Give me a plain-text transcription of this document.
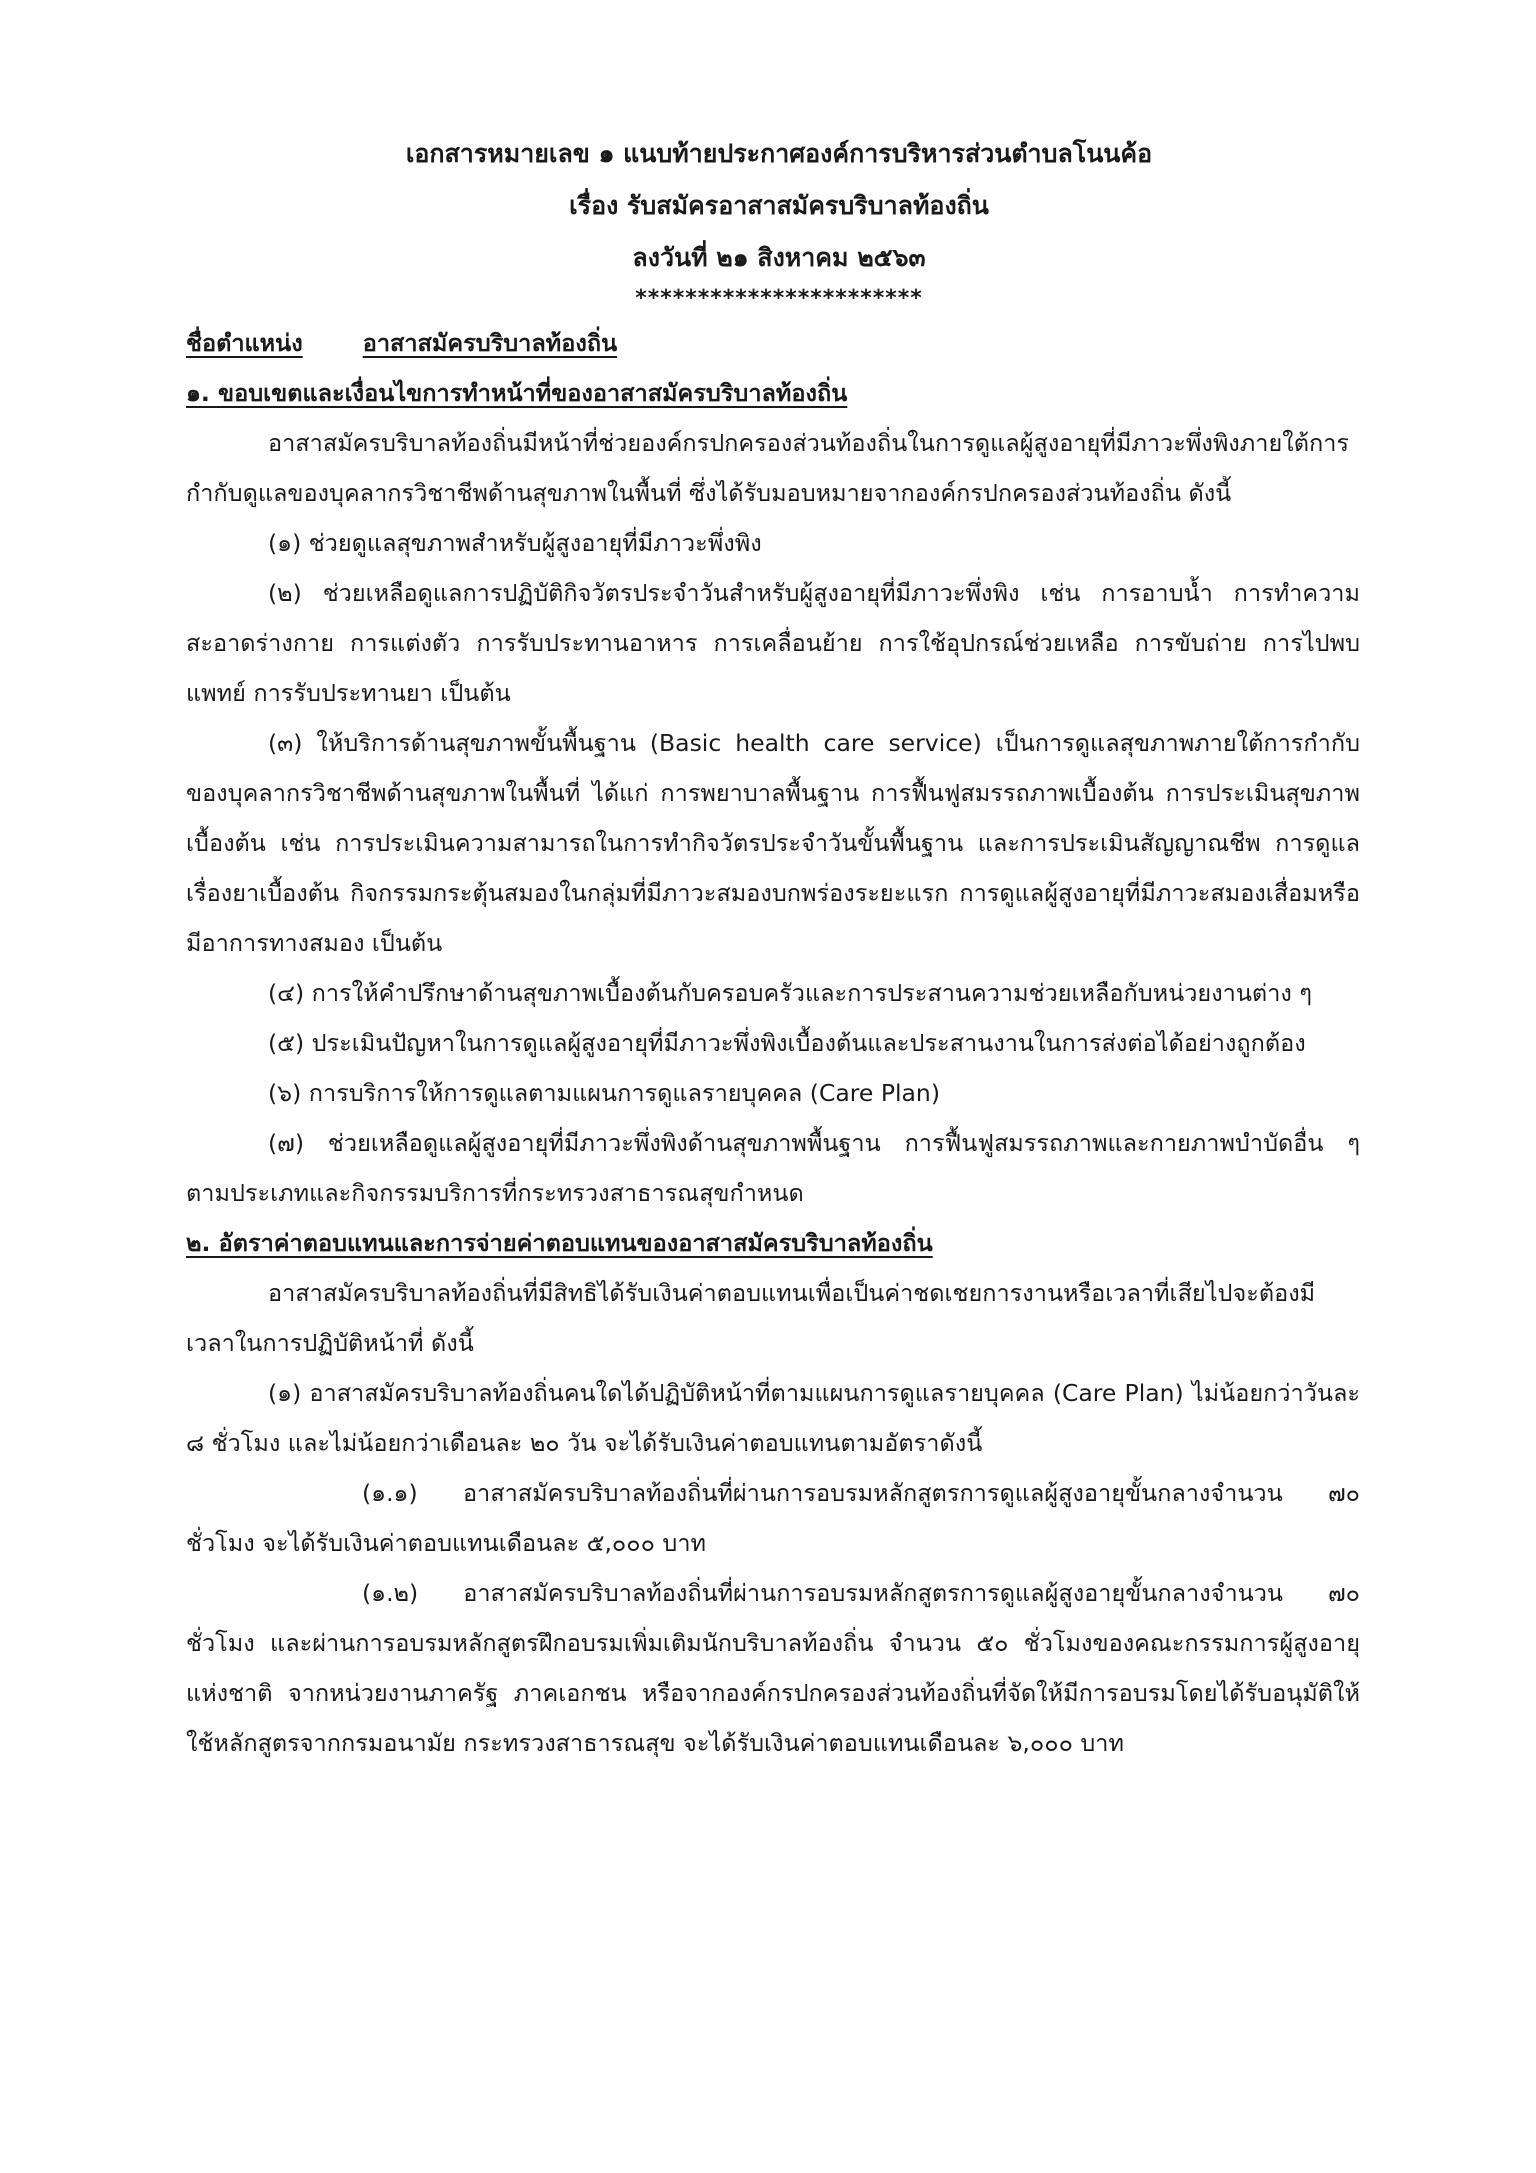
เอกสารหมายเลข ๑ แนบท้ายประกาศองค์การบริหารส่วนตำบลโนนค้อ
เรื่อง รับสมัครอาสาสมัครบริบาลท้องถิ่น
ลงวันที่ ๒๑ สิงหาคม ๒๕๖๓
***********************
ชื่อตำแหน่ง	อาสาสมัครบริบาลท้องถิ่น

๑. ขอบเขตและเงื่อนไขการทำหน้าที่ของอาสาสมัครบริบาลท้องถิ่น

อาสาสมัครบริบาลท้องถิ่นมีหน้าที่ช่วยองค์กรปกครองส่วนท้องถิ่นในการดูแลผู้สูงอายุที่มีภาวะพึ่งพิงภายใต้การกำกับดูแลของบุคลากรวิชาชีพด้านสุขภาพในพื้นที่ ซึ่งได้รับมอบหมายจากองค์กรปกครองส่วนท้องถิ่น ดังนี้

(๑) ช่วยดูแลสุขภาพสำหรับผู้สูงอายุที่มีภาวะพึ่งพิง

(๒) ช่วยเหลือดูแลการปฏิบัติกิจวัตรประจำวันสำหรับผู้สูงอายุที่มีภาวะพึ่งพิง เช่น การอาบน้ำ การทำความสะอาดร่างกาย การแต่งตัว การรับประทานอาหาร การเคลื่อนย้าย การใช้อุปกรณ์ช่วยเหลือ การขับถ่าย การไปพบแพทย์ การรับประทานยา เป็นต้น

(๓) ให้บริการด้านสุขภาพขั้นพื้นฐาน (Basic health care service) เป็นการดูแลสุขภาพภายใต้การกำกับของบุคลากรวิชาชีพด้านสุขภาพในพื้นที่ ได้แก่ การพยาบาลพื้นฐาน การฟื้นฟูสมรรถภาพเบื้องต้น การประเมินสุขภาพเบื้องต้น เช่น การประเมินความสามารถในการทำกิจวัตรประจำวันขั้นพื้นฐาน และการประเมินสัญญาณชีพ การดูแลเรื่องยาเบื้องต้น กิจกรรมกระตุ้นสมองในกลุ่มที่มีภาวะสมองบกพร่องระยะแรก การดูแลผู้สูงอายุที่มีภาวะสมองเสื่อมหรือมีอาการทางสมอง เป็นต้น

(๔) การให้คำปรึกษาด้านสุขภาพเบื้องต้นกับครอบครัวและการประสานความช่วยเหลือกับหน่วยงานต่าง ๆ

(๕) ประเมินปัญหาในการดูแลผู้สูงอายุที่มีภาวะพึ่งพิงเบื้องต้นและประสานงานในการส่งต่อได้อย่างถูกต้อง

(๖) การบริการให้การดูแลตามแผนการดูแลรายบุคคล (Care Plan)

(๗) ช่วยเหลือดูแลผู้สูงอายุที่มีภาวะพึ่งพิงด้านสุขภาพพื้นฐาน การฟื้นฟูสมรรถภาพและกายภาพบำบัดอื่น ๆ ตามประเภทและกิจกรรมบริการที่กระทรวงสาธารณสุขกำหนด

๒. อัตราค่าตอบแทนและการจ่ายค่าตอบแทนของอาสาสมัครบริบาลท้องถิ่น

อาสาสมัครบริบาลท้องถิ่นที่มีสิทธิได้รับเงินค่าตอบแทนเพื่อเป็นค่าชดเชยการงานหรือเวลาที่เสียไปจะต้องมีเวลาในการปฏิบัติหน้าที่ ดังนี้

(๑) อาสาสมัครบริบาลท้องถิ่นคนใดได้ปฏิบัติหน้าที่ตามแผนการดูแลรายบุคคล (Care Plan) ไม่น้อยกว่าวันละ ๘ ชั่วโมง และไม่น้อยกว่าเดือนละ ๒๐ วัน จะได้รับเงินค่าตอบแทนตามอัตราดังนี้

(๑.๑) อาสาสมัครบริบาลท้องถิ่นที่ผ่านการอบรมหลักสูตรการดูแลผู้สูงอายุขั้นกลางจำนวน ๗๐ ชั่วโมง จะได้รับเงินค่าตอบแทนเดือนละ ๕,๐๐๐ บาท

(๑.๒) อาสาสมัครบริบาลท้องถิ่นที่ผ่านการอบรมหลักสูตรการดูแลผู้สูงอายุขั้นกลางจำนวน ๗๐ ชั่วโมง และผ่านการอบรมหลักสูตรฝึกอบรมเพิ่มเติมนักบริบาลท้องถิ่น จำนวน ๕๐ ชั่วโมงของคณะกรรมการผู้สูงอายุแห่งชาติ จากหน่วยงานภาครัฐ ภาคเอกชน หรือจากองค์กรปกครองส่วนท้องถิ่นที่จัดให้มีการอบรมโดยได้รับอนุมัติให้ใช้หลักสูตรจากกรมอนามัย กระทรวงสาธารณสุข จะได้รับเงินค่าตอบแทนเดือนละ ๖,๐๐๐ บาท
